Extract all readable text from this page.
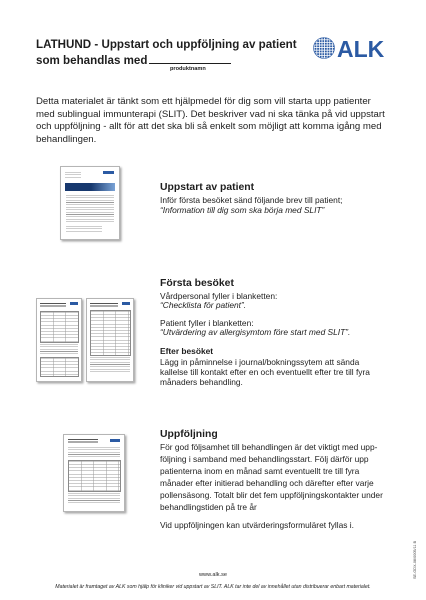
LATHUND - Uppstart och uppföljning av patient
som behandlas med
produktnamn
ALK
Detta materialet är tänkt som ett hjälpmedel för dig som vill starta upp patienter
med sublingual immunterapi (SLIT). Det beskriver vad ni ska tänka på vid uppstart
och uppföljning - allt för att det ska bli så enkelt som möjligt att komma igång med
behandlingen.
Uppstart av patient
Inför första besöket sänd följande brev till patient;
“Information till dig som ska börja med SLIT”
Första besöket
Vårdpersonal fyller i blanketten:
“Checklista för patient”.
Patient fyller i blanketten:
“Utvärdering av allergisymtom före start med SLIT”.
Efter besöket
Lägg in påminnelse i journal/bokningssytem att sända
kallelse till kontakt efter en och eventuellt efter tre till fyra
månaders behandling.
Uppföljning
För god följsamhet till behandlingen är det viktigt med upp-
följning i samband med behandlingsstart. Följ därför upp
patienterna inom en månad samt eventuellt tre till fyra
månader efter initierad behandling och därefter efter varje
pollensäsong. Totalt blir det fem uppföljningskontakter under
behandlingstiden på tre år
Vid uppföljningen kan utvärderingsformuläret fyllas i.
www.alk.se
Materialet är framtaget av ALK som hjälp för kliniker vid uppstart av SLIT. ALK tar inte del av innehållet utan distribuerar enbart materialet.
SE-GDX-08/0005/11 B
